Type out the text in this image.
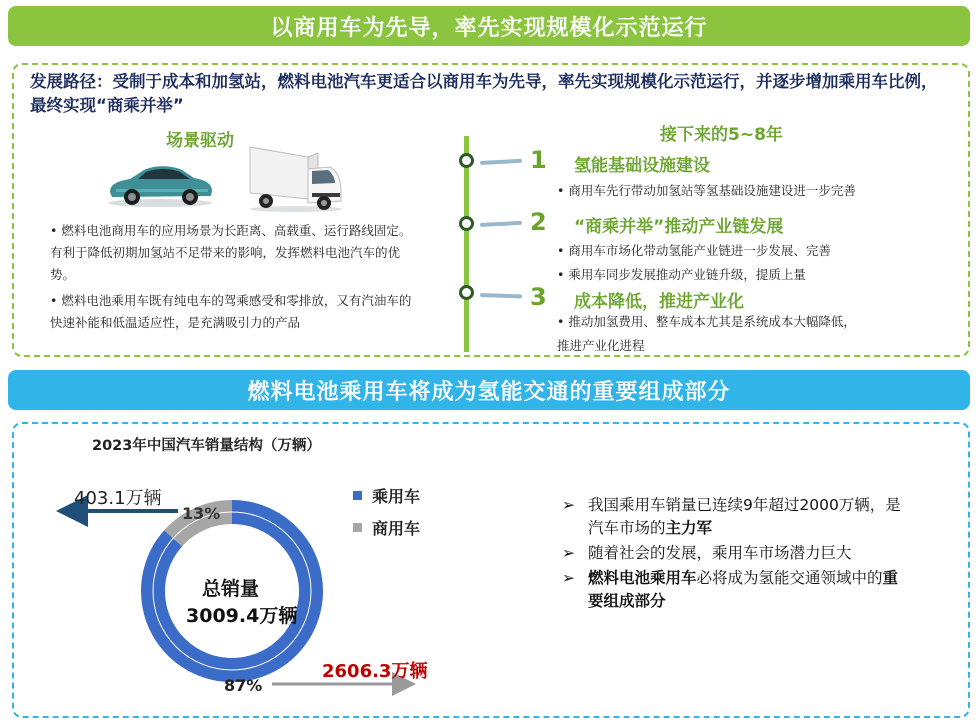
以商用车为先导，率先实现规模化示范运行
发展路径：受制于成本和加氢站，燃料电池汽车更适合以商用车为先导，率先实现规模化示范运行，并逐步增加乘用车比例，最终实现“商乘并举”
场景驱动
• 燃料电池商用车的应用场景为长距离、高载重、运行路线固定。有利于降低初期加氢站不足带来的影响，发挥燃料电池汽车的优势。
• 燃料电池乘用车既有纯电车的驾乘感受和零排放，又有汽油车的快速补能和低温适应性，是充满吸引力的产品
接下来的5~8年
1 氢能基础设施建设
• 商用车先行带动加氢站等氢基础设施建设进一步完善
2 “商乘并举”推动产业链发展
• 商用车市场化带动氢能产业链进一步发展、完善
• 乘用车同步发展推动产业链升级，提质上量
3 成本降低，推进产业化
• 推动加氢费用、整车成本尤其是系统成本大幅降低，
推进产业化进程
燃料电池乘用车将成为氢能交通的重要组成部分
2023年中国汽车销量结构（万辆）
403.1万辆
2606.3万辆
13%
87%
总销量
3009.4万辆
乘用车
商用车
➢ 我国乘用车销量已连续9年超过2000万辆，是汽车市场的主力军
➢ 随着社会的发展，乘用车市场潜力巨大
➢ 燃料电池乘用车必将成为氢能交通领域中的重要组成部分
